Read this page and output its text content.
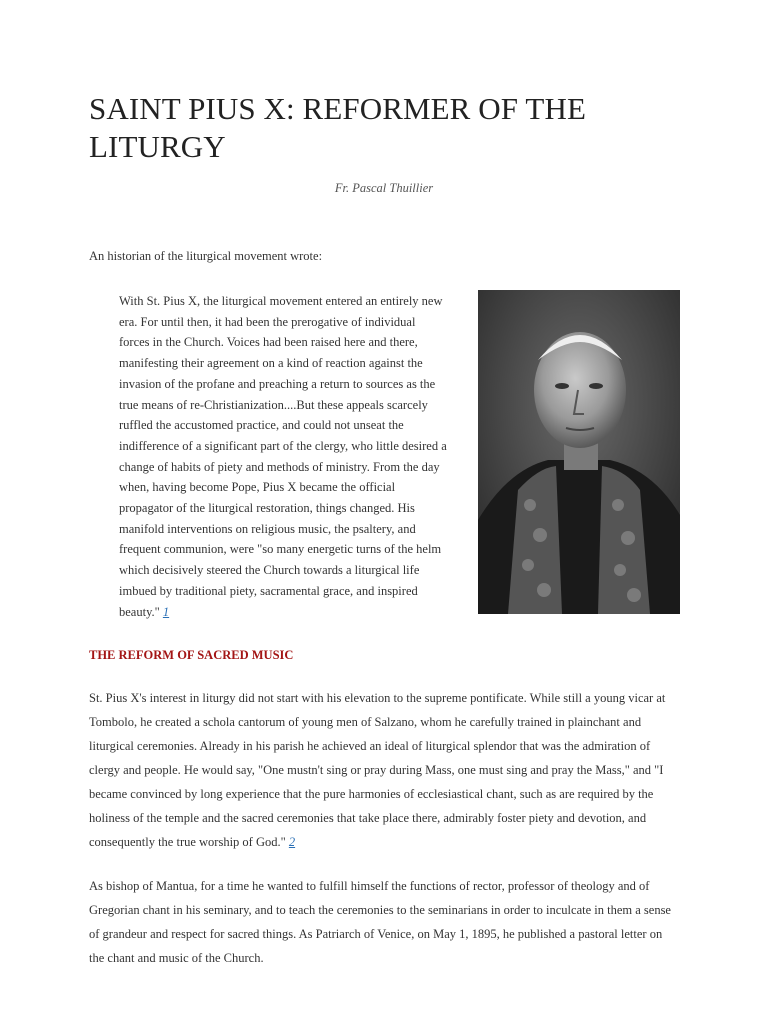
SAINT PIUS X: REFORMER OF THE LITURGY
Fr. Pascal Thuillier

An historian of the liturgical movement wrote:

With St. Pius X, the liturgical movement entered an entirely new era. For until then, it had been the prerogative of individual forces in the Church. Voices had been raised here and there, manifesting their agreement on a kind of reaction against the invasion of the profane and preaching a return to sources as the true means of re-Christianization....But these appeals scarcely ruffled the accustomed practice, and could not unseat the indifference of a significant part of the clergy, who little desired a change of habits of piety and methods of ministry. From the day when, having become Pope, Pius X became the official propagator of the liturgical restoration, things changed. His manifold interventions on religious music, the psaltery, and frequent communion, were "so many energetic turns of the helm which decisively steered the Church towards a liturgical life imbued by traditional piety, sacramental grace, and inspired beauty." 1
THE REFORM OF SACRED MUSIC

St. Pius X's interest in liturgy did not start with his elevation to the supreme pontificate. While still a young vicar at Tombolo, he created a schola cantorum of young men of Salzano, whom he carefully trained in plainchant and liturgical ceremonies. Already in his parish he achieved an ideal of liturgical splendor that was the admiration of clergy and people. He would say, "One mustn't sing or pray during Mass, one must sing and pray the Mass," and "I became convinced by long experience that the pure harmonies of ecclesiastical chant, such as are required by the holiness of the temple and the sacred ceremonies that take place there, admirably foster piety and devotion, and consequently the true worship of God." 2

As bishop of Mantua, for a time he wanted to fulfill himself the functions of rector, professor of theology and of Gregorian chant in his seminary, and to teach the ceremonies to the seminarians in order to inculcate in them a sense of grandeur and respect for sacred things. As Patriarch of Venice, on May 1, 1895, he published a pastoral letter on the chant and music of the Church.
